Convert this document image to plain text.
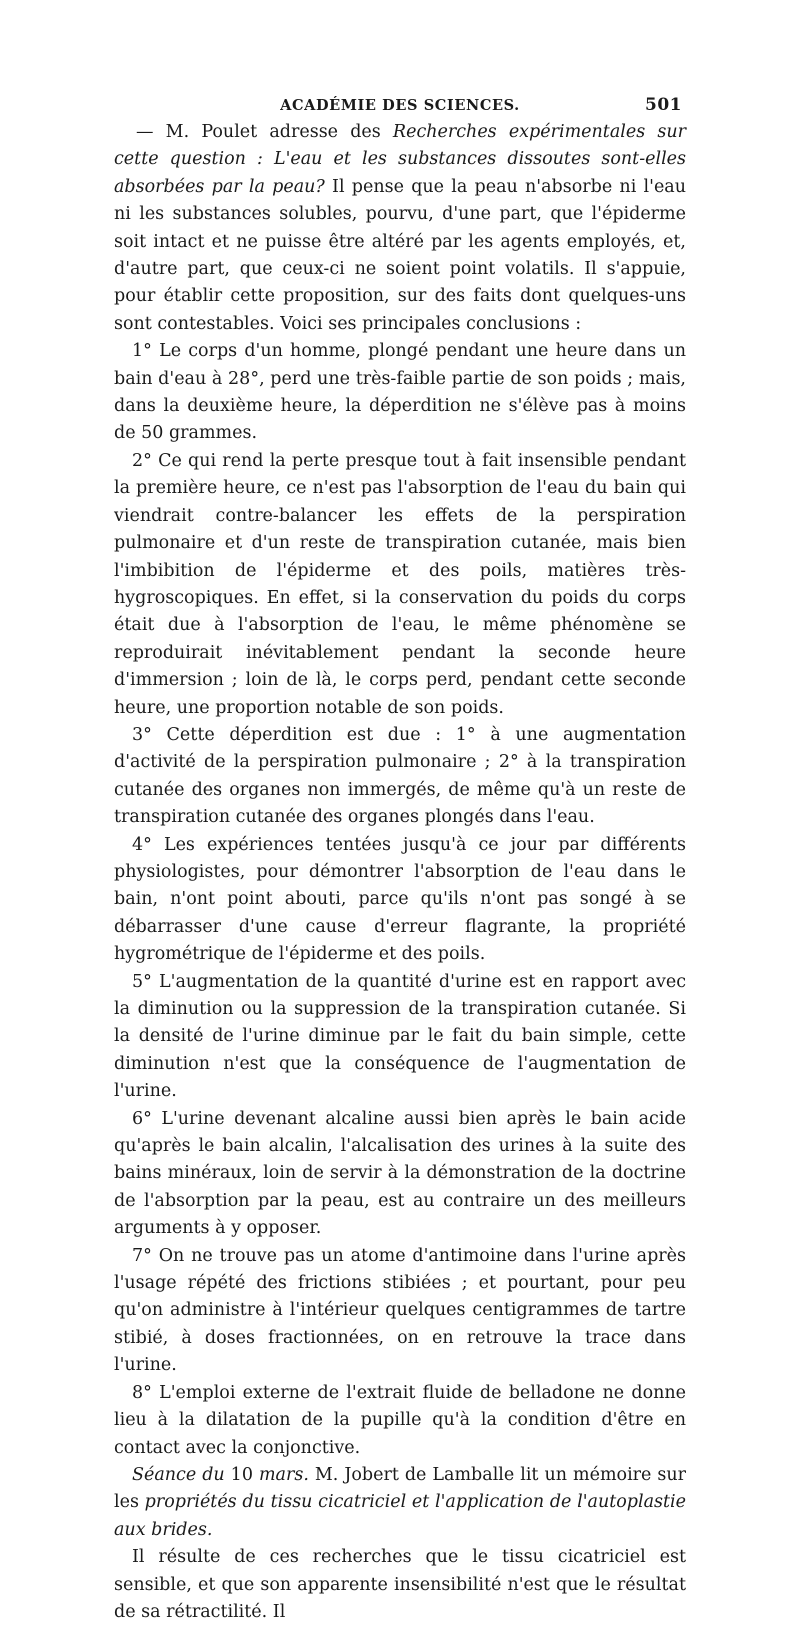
ACADÉMIE DES SCIENCES.	501

— M. Poulet adresse des Recherches expérimentales sur cette question : L'eau et les substances dissoutes sont-elles absorbées par la peau? Il pense que la peau n'absorbe ni l'eau ni les substances solubles, pourvu, d'une part, que l'épiderme soit intact et ne puisse être altéré par les agents employés, et, d'autre part, que ceux-ci ne soient point volatils. Il s'appuie, pour établir cette proposition, sur des faits dont quelques-uns sont contestables. Voici ses principales conclusions :

1° Le corps d'un homme, plongé pendant une heure dans un bain d'eau à 28°, perd une très-faible partie de son poids ; mais, dans la deuxième heure, la déperdition ne s'élève pas à moins de 50 grammes.

2° Ce qui rend la perte presque tout à fait insensible pendant la première heure, ce n'est pas l'absorption de l'eau du bain qui viendrait contre-balancer les effets de la perspiration pulmonaire et d'un reste de transpiration cutanée, mais bien l'imbibition de l'épiderme et des poils, matières très-hygroscopiques. En effet, si la conservation du poids du corps était due à l'absorption de l'eau, le même phénomène se reproduirait inévitablement pendant la seconde heure d'immersion ; loin de là, le corps perd, pendant cette seconde heure, une proportion notable de son poids.

3° Cette déperdition est due : 1° à une augmentation d'activité de la perspiration pulmonaire ; 2° à la transpiration cutanée des organes non immergés, de même qu'à un reste de transpiration cutanée des organes plongés dans l'eau.

4° Les expériences tentées jusqu'à ce jour par différents physiologistes, pour démontrer l'absorption de l'eau dans le bain, n'ont point abouti, parce qu'ils n'ont pas songé à se débarrasser d'une cause d'erreur flagrante, la propriété hygrométrique de l'épiderme et des poils.

5° L'augmentation de la quantité d'urine est en rapport avec la diminution ou la suppression de la transpiration cutanée. Si la densité de l'urine diminue par le fait du bain simple, cette diminution n'est que la conséquence de l'augmentation de l'urine.

6° L'urine devenant alcaline aussi bien après le bain acide qu'après le bain alcalin, l'alcalisation des urines à la suite des bains minéraux, loin de servir à la démonstration de la doctrine de l'absorption par la peau, est au contraire un des meilleurs arguments à y opposer.

7° On ne trouve pas un atome d'antimoine dans l'urine après l'usage répété des frictions stibiées ; et pourtant, pour peu qu'on administre à l'intérieur quelques centigrammes de tartre stibié, à doses fractionnées, on en retrouve la trace dans l'urine.

8° L'emploi externe de l'extrait fluide de belladone ne donne lieu à la dilatation de la pupille qu'à la condition d'être en contact avec la conjonctive.

Séance du 10 mars. M. Jobert de Lamballe lit un mémoire sur les propriétés du tissu cicatriciel et l'application de l'autoplastie aux brides.

Il résulte de ces recherches que le tissu cicatriciel est sensible, et que son apparente insensibilité n'est que le résultat de sa rétractilité. Il
